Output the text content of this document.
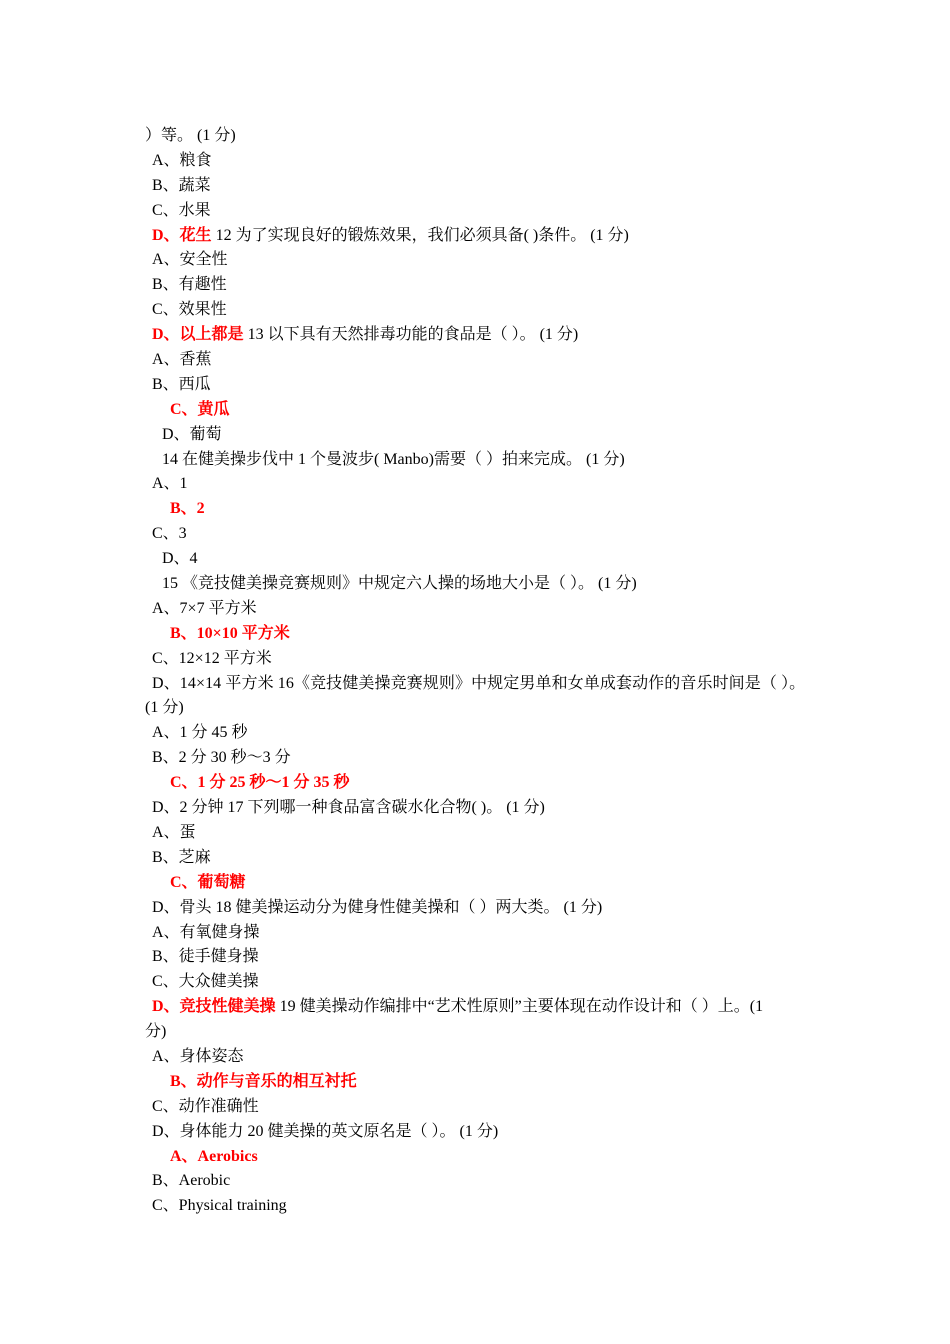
）等。 (1 分)
A、粮食
B、蔬菜
C、水果
D、花生 12 为了实现良好的锻炼效果，我们必须具备( )条件。 (1 分)
A、安全性
B、有趣性
C、效果性
D、以上都是 13 以下具有天然排毒功能的食品是（ ）。 (1 分)
A、香蕉
B、西瓜
C、黄瓜
D、葡萄
14 在健美操步伐中 1 个曼波步( Manbo)需要（ ）拍来完成。 (1 分)
A、1
B、2
C、3
D、4
15 《竞技健美操竞赛规则》中规定六人操的场地大小是（ ）。 (1 分)
A、7×7 平方米
B、10×10 平方米
C、12×12 平方米
D、14×14 平方米 16《竞技健美操竞赛规则》中规定男单和女单成套动作的音乐时间是（ ）。
(1 分)
A、1 分 45 秒
B、2 分 30 秒～3 分
C、1 分 25 秒～1 分 35 秒
D、2 分钟 17 下列哪一种食品富含碳水化合物( )。 (1 分)
A、蛋
B、芝麻
C、葡萄糖
D、骨头 18 健美操运动分为健身性健美操和（ ）两大类。 (1 分)
A、有氧健身操
B、徒手健身操
C、大众健美操
D、竞技性健美操 19 健美操动作编排中“艺术性原则”主要体现在动作设计和（ ）上。(1
分)
A、身体姿态
B、动作与音乐的相互衬托
C、动作准确性
D、身体能力 20 健美操的英文原名是（ ）。 (1 分)
A、Aerobics
B、Aerobic
C、Physical training
